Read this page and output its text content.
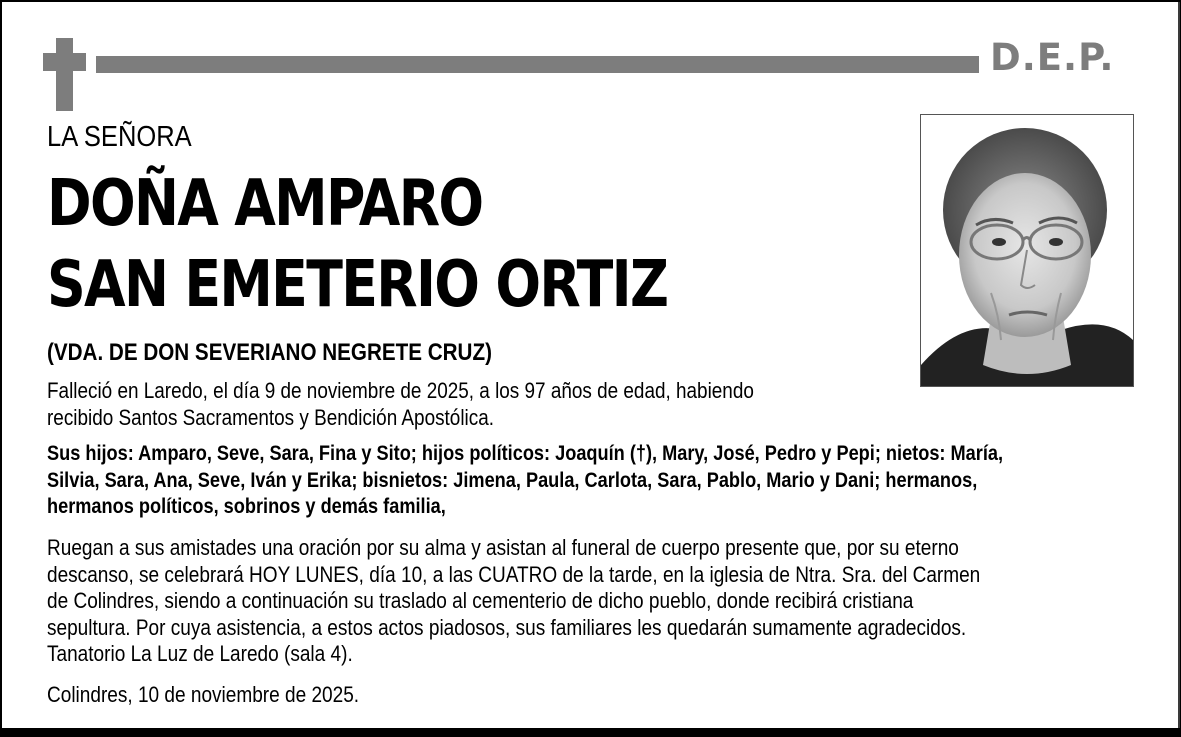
D.E.P.
LA SEÑORA
DOÑA AMPARO
SAN EMETERIO ORTIZ
(VDA. DE DON SEVERIANO NEGRETE CRUZ)
Falleció en Laredo, el día 9 de noviembre de 2025, a los 97 años de edad, habiendo
recibido Santos Sacramentos y Bendición Apostólica.
Sus hijos: Amparo, Seve, Sara, Fina y Sito; hijos políticos: Joaquín (†), Mary, José, Pedro y Pepi; nietos: María,
Silvia, Sara, Ana, Seve, Iván y Erika; bisnietos: Jimena, Paula, Carlota, Sara, Pablo, Mario y Dani; hermanos,
hermanos políticos, sobrinos y demás familia,
Ruegan a sus amistades una oración por su alma y asistan al funeral de cuerpo presente que, por su eterno
descanso, se celebrará HOY LUNES, día 10, a las CUATRO de la tarde, en la iglesia de Ntra. Sra. del Carmen
de Colindres, siendo a continuación su traslado al cementerio de dicho pueblo, donde recibirá cristiana
sepultura. Por cuya asistencia, a estos actos piadosos, sus familiares les quedarán sumamente agradecidos.
Tanatorio La Luz de Laredo (sala 4).
Colindres, 10 de noviembre de 2025.
